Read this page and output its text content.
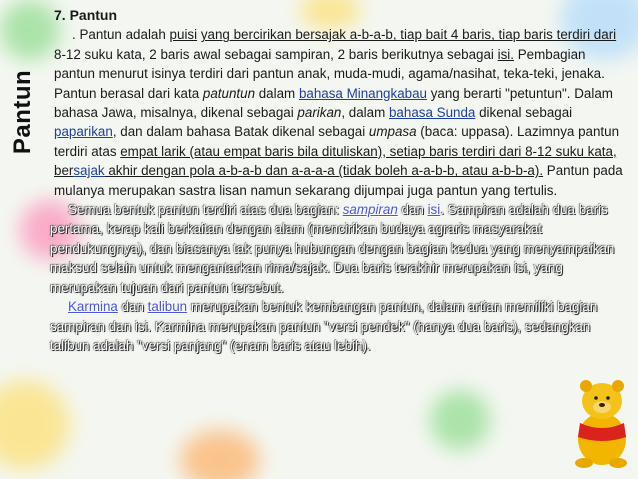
Pantun
7. Pantun

. Pantun adalah puisi yang bercirikan bersajak a-b-a-b, tiap bait 4 baris, tiap baris terdiri dari 8-12 suku kata, 2 baris awal sebagai sampiran, 2 baris berikutnya sebagai isi. Pembagian pantun menurut isinya terdiri dari pantun anak, muda-mudi, agama/nasihat, teka-teki, jenaka. Pantun berasal dari kata patuntun dalam bahasa Minangkabau yang berarti "petuntun". Dalam bahasa Jawa, misalnya, dikenal sebagai parikan, dalam bahasa Sunda dikenal sebagai paparikan, dan dalam bahasa Batak dikenal sebagai umpasa (baca: uppasa). Lazimnya pantun terdiri atas empat larik (atau empat baris bila dituliskan), setiap baris terdiri dari 8-12 suku kata, bersajak akhir dengan pola a-b-a-b dan a-a-a-a (tidak boleh a-a-b-b, atau a-b-b-a). Pantun pada mulanya merupakan sastra lisan namun sekarang dijumpai juga pantun yang tertulis.

Semua bentuk pantun terdiri atas dua bagian: sampiran dan isi. Sampiran adalah dua baris pertama, kerap kali berkaitan dengan alam (mencirikan budaya agraris masyarakat pendukungnya), dan biasanya tak punya hubungan dengan bagian kedua yang menyampaikan maksud selain untuk mengantarkan rima/sajak. Dua baris terakhir merupakan isi, yang merupakan tujuan dari pantun tersebut.

Karmina dan talibun merupakan bentuk kembangan pantun, dalam artian memiliki bagian sampiran dan isi. Karmina merupakan pantun "versi pendek" (hanya dua baris), sedangkan talibun adalah "versi panjang" (enam baris atau lebih).
